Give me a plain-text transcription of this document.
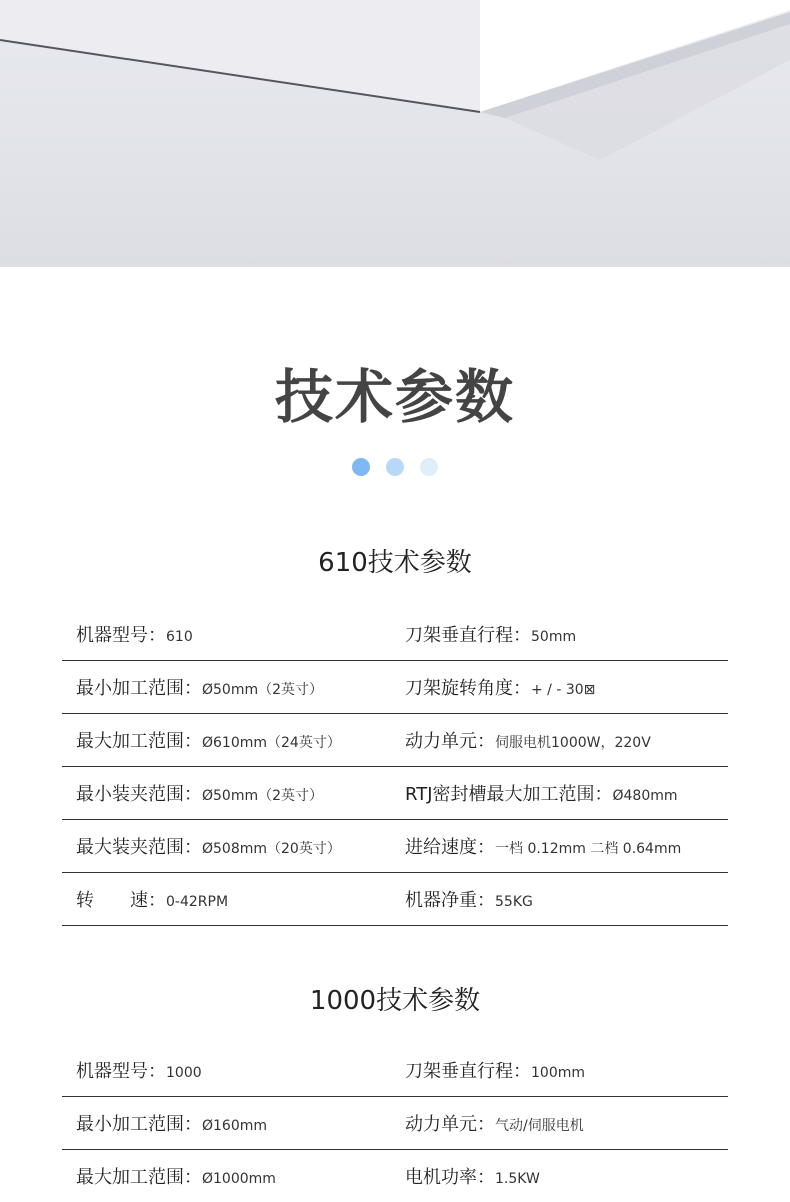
技术参数
610技术参数
机器型号：610	刀架垂直行程：50mm
最小加工范围：Ø50mm（2英寸）	刀架旋转角度：+ / - 30⊠
最大加工范围：Ø610mm（24英寸）	动力单元：伺服电机1000W，220V
最小装夹范围：Ø50mm（2英寸）	RTJ密封槽最大加工范围：Ø480mm
最大装夹范围：Ø508mm（20英寸）	进给速度：一档 0.12mm 二档 0.64mm
转　　速：0-42RPM	机器净重：55KG
1000技术参数
机器型号：1000	刀架垂直行程：100mm
最小加工范围：Ø160mm	动力单元：气动/伺服电机
最大加工范围：Ø1000mm	电机功率：1.5KW
